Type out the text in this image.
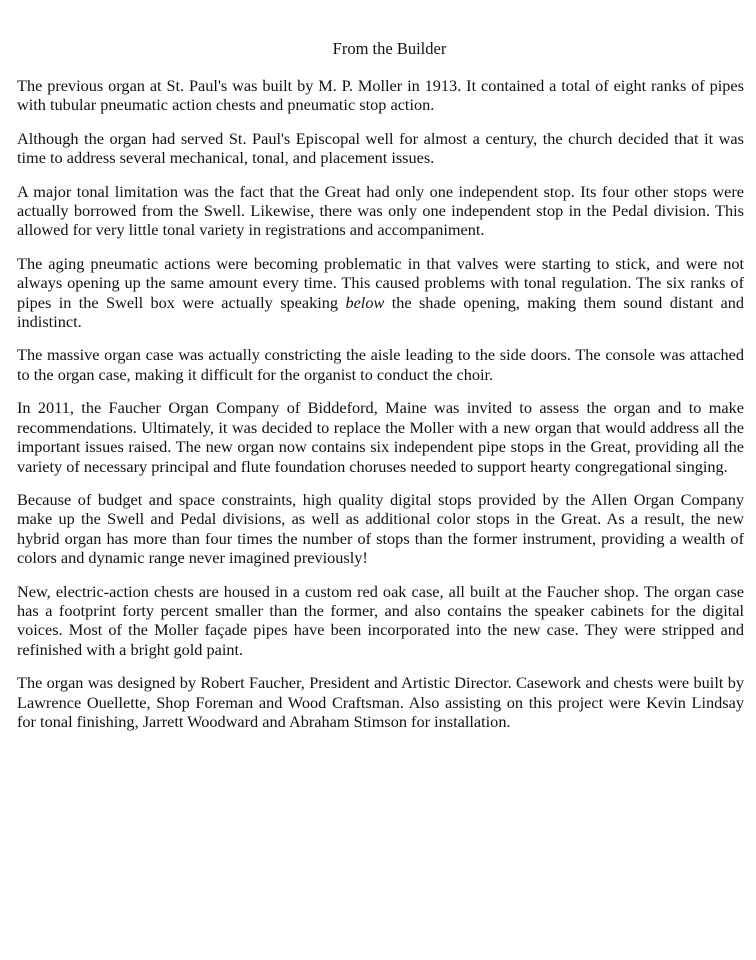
From the Builder

The previous organ at St. Paul's was built by M. P. Moller in 1913. It contained a total of eight ranks of pipes with tubular pneumatic action chests and pneumatic stop action.

Although the organ had served St. Paul's Episcopal well for almost a century, the church decided that it was time to address several mechanical, tonal, and placement issues.

A major tonal limitation was the fact that the Great had only one independent stop. Its four other stops were actually borrowed from the Swell. Likewise, there was only one independent stop in the Pedal division. This allowed for very little tonal variety in registrations and accompaniment.

The aging pneumatic actions were becoming problematic in that valves were starting to stick, and were not always opening up the same amount every time. This caused problems with tonal regulation. The six ranks of pipes in the Swell box were actually speaking below the shade opening, making them sound distant and indistinct.

The massive organ case was actually constricting the aisle leading to the side doors. The console was attached to the organ case, making it difficult for the organist to conduct the choir.

In 2011, the Faucher Organ Company of Biddeford, Maine was invited to assess the organ and to make recommendations. Ultimately, it was decided to replace the Moller with a new organ that would address all the important issues raised. The new organ now contains six independent pipe stops in the Great, providing all the variety of necessary principal and flute foundation choruses needed to support hearty congregational singing.

Because of budget and space constraints, high quality digital stops provided by the Allen Organ Company make up the Swell and Pedal divisions, as well as additional color stops in the Great. As a result, the new hybrid organ has more than four times the number of stops than the former instrument, providing a wealth of colors and dynamic range never imagined previously!

New, electric-action chests are housed in a custom red oak case, all built at the Faucher shop. The organ case has a footprint forty percent smaller than the former, and also contains the speaker cabinets for the digital voices. Most of the Moller façade pipes have been incorporated into the new case. They were stripped and refinished with a bright gold paint.

The organ was designed by Robert Faucher, President and Artistic Director. Casework and chests were built by Lawrence Ouellette, Shop Foreman and Wood Craftsman. Also assisting on this project were Kevin Lindsay for tonal finishing, Jarrett Woodward and Abraham Stimson for installation.
